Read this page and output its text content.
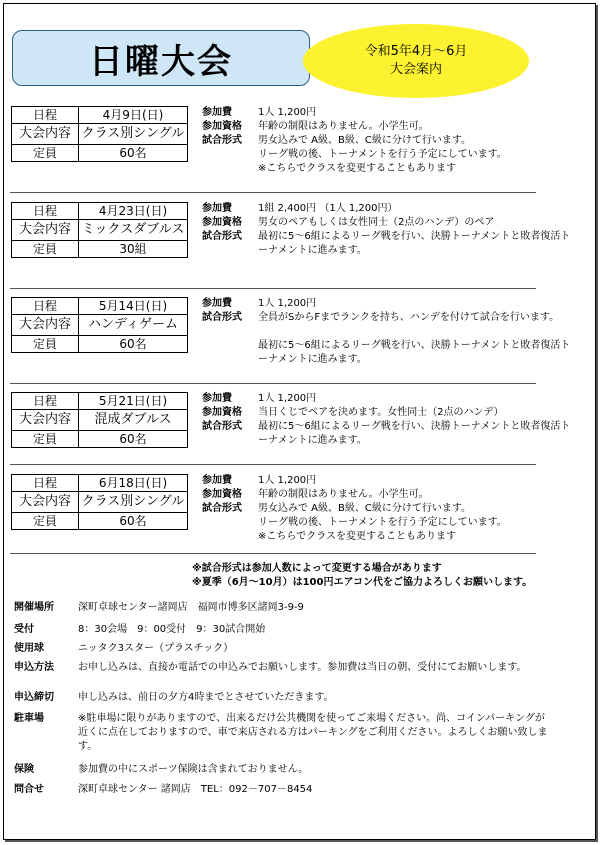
日曜大会	令和5年4月～6月
大会案内
日程	4月9日(日)
大会内容	クラス別シングル
定員	60名
参加費	1人 1,200円
参加資格	年齢の制限はありません。小学生可。
試合形式	男女込みで A級、B級、C級に分けて行います。
リーグ戦の後、トーナメントを行う予定にしています。
※こちらでクラスを変更することもあります
日程	4月23日(日)
大会内容	ミックスダブルス
定員	30組
参加費	1組 2,400円 （1人 1,200円）
参加資格	男女のペアもしくは女性同士（2点のハンデ）のペア
試合形式	最初に5～6組によるリーグ戦を行い、決勝トーナメントと敗者復活トーナメントに進みます。
日程	5月14日(日)
大会内容	ハンディゲーム
定員	60名
参加費	1人 1,200円
試合形式	全員がSからFまでランクを持ち、ハンデを付けて試合を行います。
最初に5～6組によるリーグ戦を行い、決勝トーナメントと敗者復活トーナメントに進みます。
日程	5月21日(日)
大会内容	混成ダブルス
定員	60名
参加費	1人 1,200円
参加資格	当日くじでペアを決めます。女性同士（2点のハンデ）
試合形式	最初に5～6組によるリーグ戦を行い、決勝トーナメントと敗者復活トーナメントに進みます。
日程	6月18日(日)
大会内容	クラス別シングル
定員	60名
参加費	1人 1,200円
参加資格	年齢の制限はありません。小学生可。
試合形式	男女込みで A級、B級、C級に分けて行います。
リーグ戦の後、トーナメントを行う予定にしています。
※こちらでクラスを変更することもあります
※試合形式は参加人数によって変更する場合があります
※夏季（6月～10月）は100円エアコン代をご協力よろしくお願いします。
開催場所	深町卓球センター諸岡店　福岡市博多区諸岡3-9-9
受付	8：30会場　9：00受付　9：30試合開始
使用球	ニッタク3スター（プラスチック）
申込方法	お申し込みは、直接か電話での申込みでお願いします。参加費は当日の朝、受付にてお願いします。
申込締切	申し込みは、前日の夕方4時までとさせていただきます。
駐車場	※駐車場に限りがありますので、出来るだけ公共機関を使ってご来場ください。尚、コインパーキングが近くに点在しておりますので、車で来店される方はパーキングをご利用ください。よろしくお願い致します。
保険	参加費の中にスポーツ保険は含まれておりません。
問合せ	深町卓球センター 諸岡店　TEL：092－707－8454
